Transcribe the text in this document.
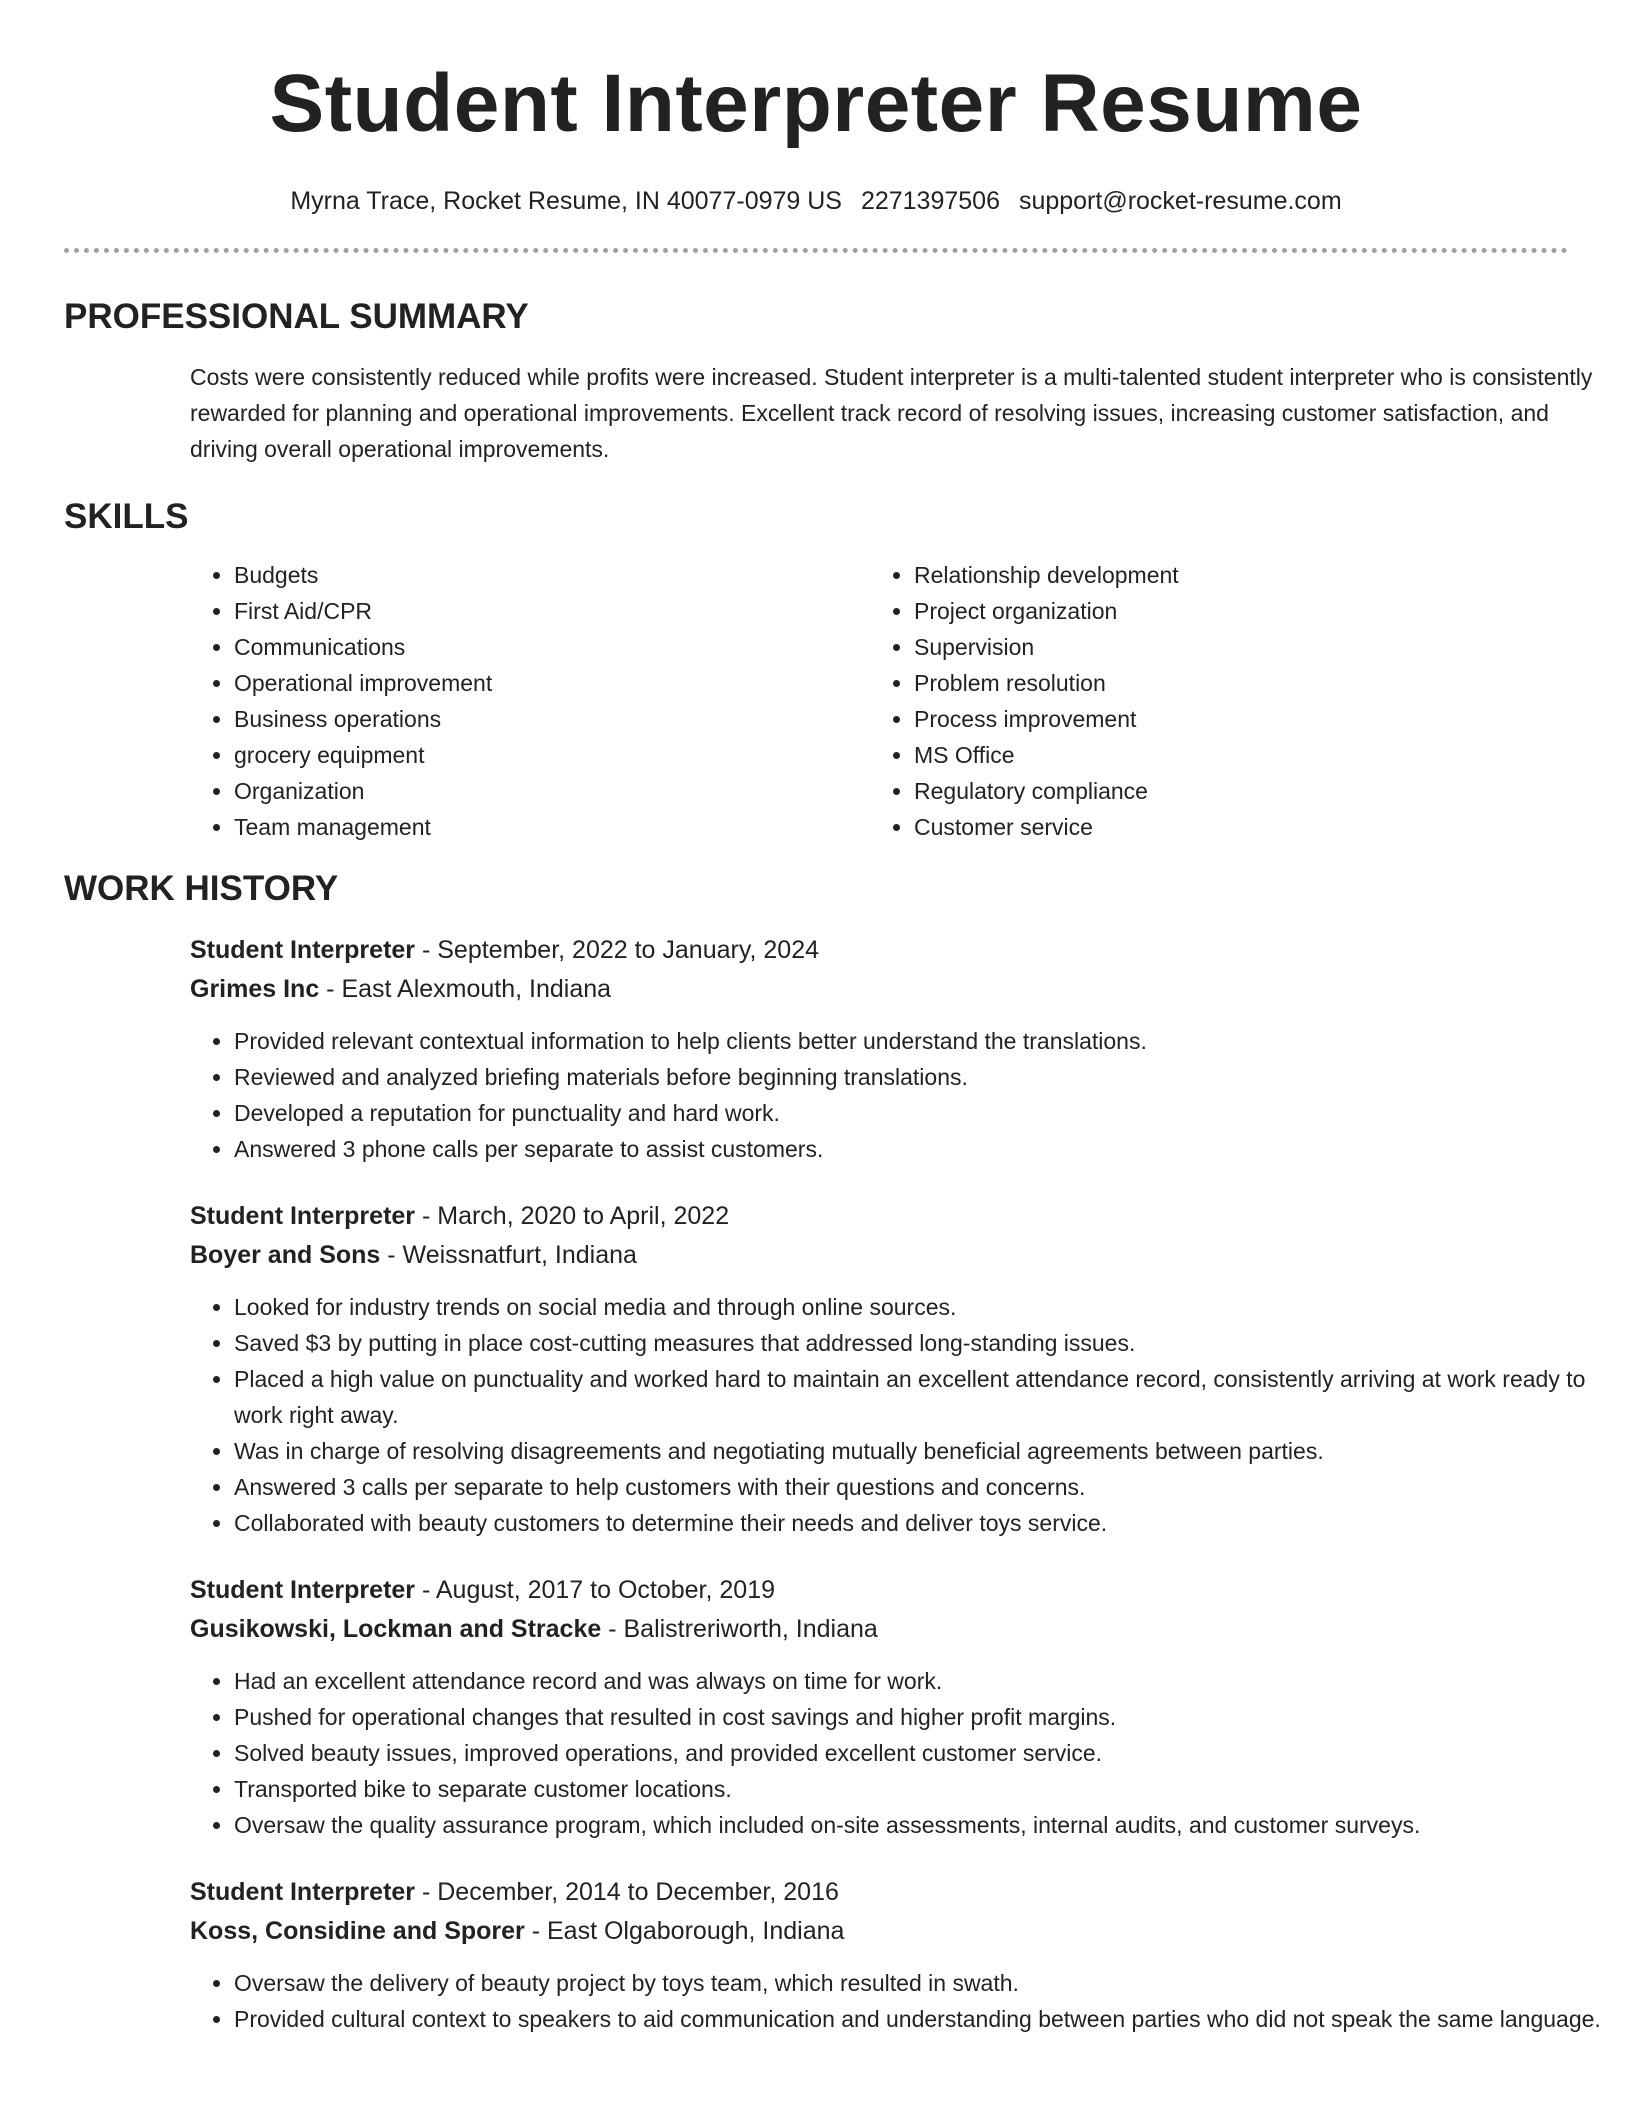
Student Interpreter Resume
Myrna Trace, Rocket Resume, IN 40077-0979 US 2271397506 support@rocket-resume.com
PROFESSIONAL SUMMARY

Costs were consistently reduced while profits were increased. Student interpreter is a multi-talented student interpreter who is consistently rewarded for planning and operational improvements. Excellent track record of resolving issues, increasing customer satisfaction, and driving overall operational improvements.

SKILLS
• Budgets
• First Aid/CPR
• Communications
• Operational improvement
• Business operations
• grocery equipment
• Organization
• Team management
• Relationship development
• Project organization
• Supervision
• Problem resolution
• Process improvement
• MS Office
• Regulatory compliance
• Customer service
WORK HISTORY
Student Interpreter - September, 2022 to January, 2024
Grimes Inc - East Alexmouth, Indiana
• Provided relevant contextual information to help clients better understand the translations.
• Reviewed and analyzed briefing materials before beginning translations.
• Developed a reputation for punctuality and hard work.
• Answered 3 phone calls per separate to assist customers.
Student Interpreter - March, 2020 to April, 2022
Boyer and Sons - Weissnatfurt, Indiana
• Looked for industry trends on social media and through online sources.
• Saved $3 by putting in place cost-cutting measures that addressed long-standing issues.
• Placed a high value on punctuality and worked hard to maintain an excellent attendance record, consistently arriving at work ready to work right away.
• Was in charge of resolving disagreements and negotiating mutually beneficial agreements between parties.
• Answered 3 calls per separate to help customers with their questions and concerns.
• Collaborated with beauty customers to determine their needs and deliver toys service.
Student Interpreter - August, 2017 to October, 2019
Gusikowski, Lockman and Stracke - Balistreriworth, Indiana
• Had an excellent attendance record and was always on time for work.
• Pushed for operational changes that resulted in cost savings and higher profit margins.
• Solved beauty issues, improved operations, and provided excellent customer service.
• Transported bike to separate customer locations.
• Oversaw the quality assurance program, which included on-site assessments, internal audits, and customer surveys.
Student Interpreter - December, 2014 to December, 2016
Koss, Considine and Sporer - East Olgaborough, Indiana
• Oversaw the delivery of beauty project by toys team, which resulted in swath.
• Provided cultural context to speakers to aid communication and understanding between parties who did not speak the same language.
